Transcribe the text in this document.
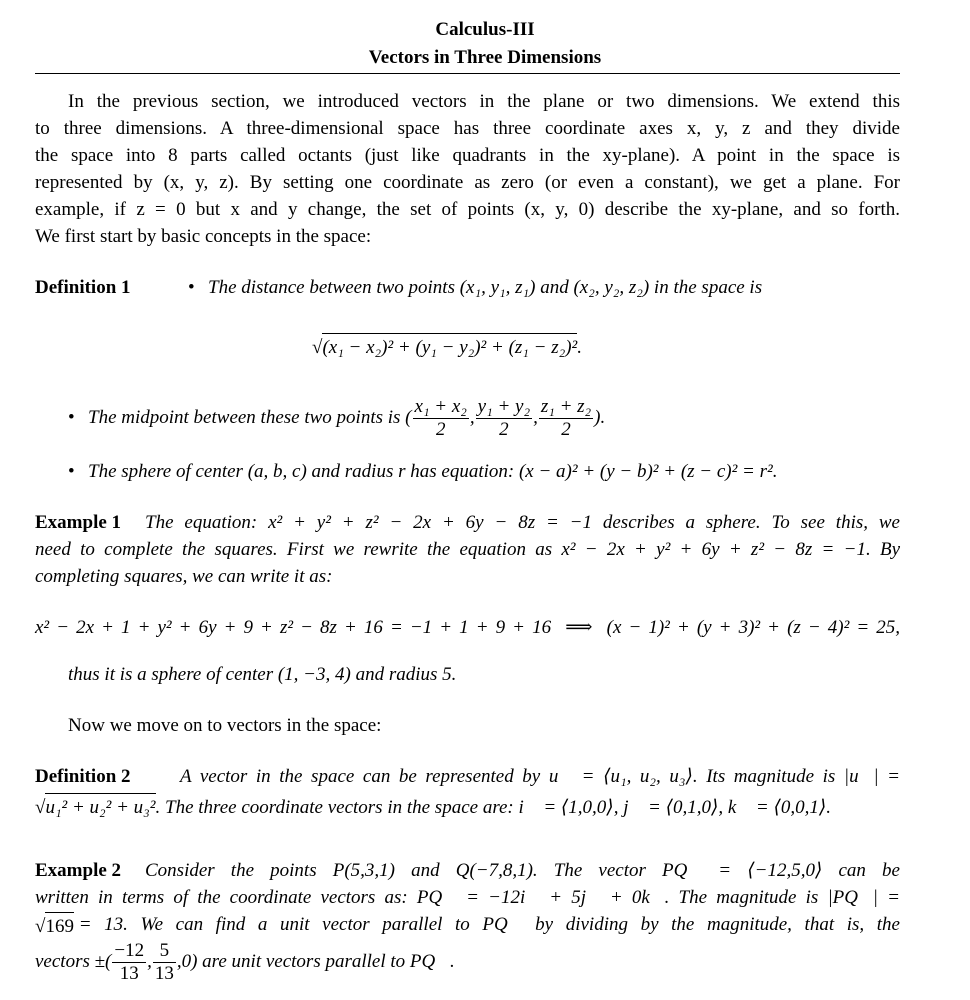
Calculus-III
Vectors in Three Dimensions
In the previous section, we introduced vectors in the plane or two dimensions. We extend this
to three dimensions. A three-dimensional space has three coordinate axes x, y, z and they divide
the space into 8 parts called octants (just like quadrants in the xy-plane). A point in the space is
represented by (x, y, z). By setting one coordinate as zero (or even a constant), we get a plane. For
example, if z = 0 but x and y change, the set of points (x, y, 0) describe the xy-plane, and so forth.
We first start by basic concepts in the space:
Definition 1	• The distance between two points (x₁, y₁, z₁) and (x₂, y₂, z₂) in the space is
√(x₁ − x₂)² + (y₁ − y₂)² + (z₁ − z₂)².
• The midpoint between these two points is ( $\frac{\text{x₁ + x₂}}{2}$ , $\frac{\text{y₁ + y₂}}{2}$ , $\frac{\text{z₁ + z₂}}{2}$ ).
• The sphere of center (a, b, c) and radius r has equation: (x − a)² + (y − b)² + (z − c)² = r².
The equation: x² + y² + z² − 2x + 6y − 8z = −1 describes a sphere. To see this, we
Example 1
need to complete the squares. First we rewrite the equation as x² − 2x + y² + 6y + z² − 8z = −1. By
completing squares, we can write it as:
x² − 2x + 1 + y² + 6y + 9 + z² − 8z + 16 = −1 + 1 + 9 + 16  ⟹  (x − 1)² + (y + 3)² + (z − 4)² = 25,
thus it is a sphere of center (1, −3, 4) and radius 5.
Now we move on to vectors in the space:
A vector in the space can be represented by u⃗ = ⟨u₁, u₂, u₃⟩. Its magnitude is |u⃗| =
Definition 2
√u₁² + u₂² + u₃². The three coordinate vectors in the space are: i⃗ = ⟨1,0,0⟩, j⃗ = ⟨0,1,0⟩, k⃗ = ⟨0,0,1⟩.
Consider the points P(5,3,1) and Q(−7,8,1). The vector PQ⃗ = ⟨−12,5,0⟩ can be
Example 2
written in terms of the coordinate vectors as: PQ⃗ = −12i⃗ + 5j⃗ + 0k⃗. The magnitude is |PQ⃗| =
√169
= 13. We can find a unit vector parallel to PQ⃗ by dividing by the magnitude, that is, the
vectors ±( $\frac{-12}{13}$ , $\frac{5}{13} ,0$) are unit vectors parallel to PQ⃗.
